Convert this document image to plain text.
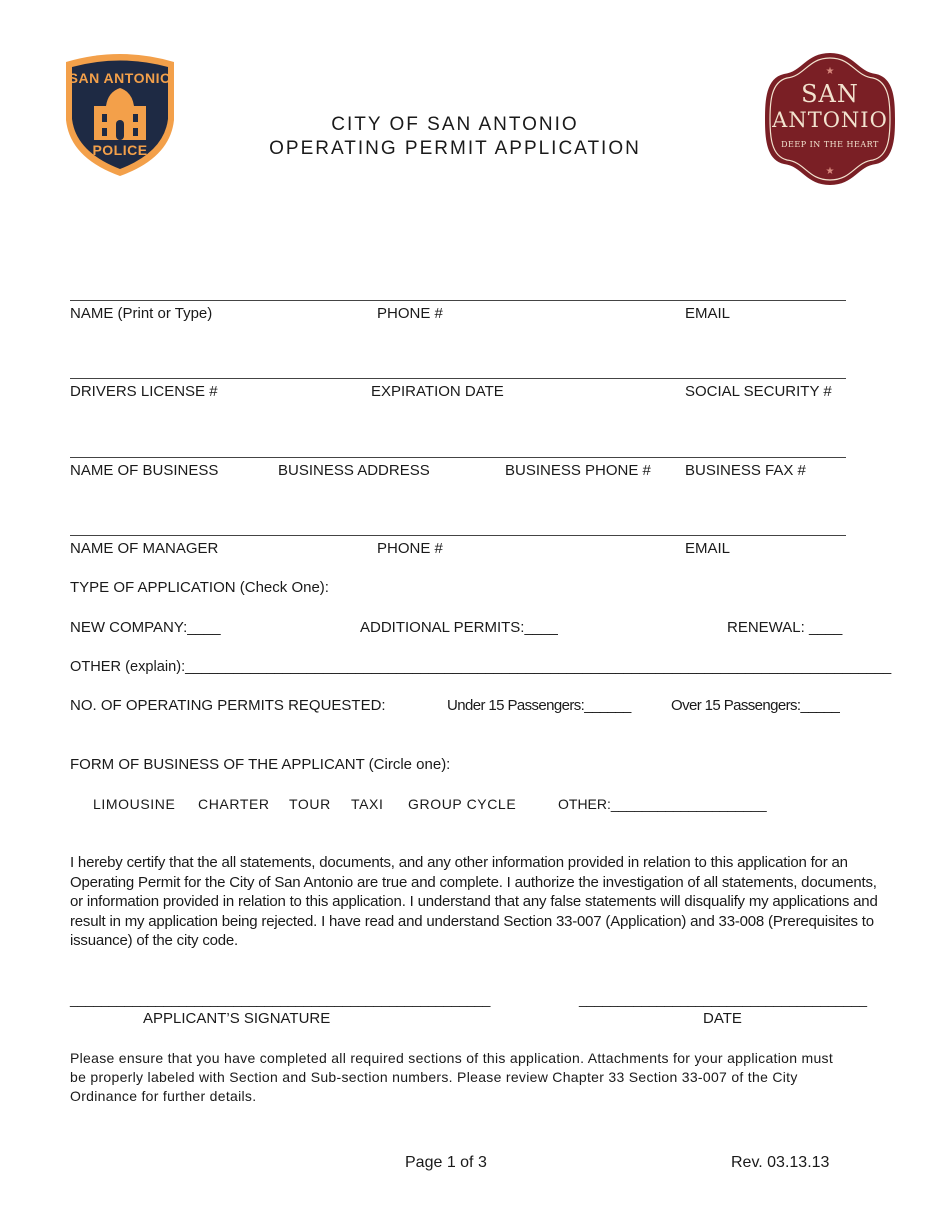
SAN ANTONIO
POLICE
CITY OF SAN ANTONIO
OPERATING PERMIT APPLICATION
★
★
SAN
ANTONIO
DEEP IN THE HEART
NAME (Print or Type)	PHONE #	EMAIL
DRIVERS LICENSE #	EXPIRATION DATE	SOCIAL SECURITY #
NAME OF BUSINESS	BUSINESS ADDRESS	BUSINESS PHONE # BUSINESS FAX #
NAME OF MANAGER	PHONE #	EMAIL
TYPE OF APPLICATION (Check One):
NEW COMPANY:____	ADDITIONAL PERMITS:____	RENEWAL: ____
OTHER (explain):_______________________________________________________________________________________
NO. OF OPERATING PERMITS REQUESTED:	Under 15 Passengers:______	Over 15 Passengers:_____
FORM OF BUSINESS OF THE APPLICANT (Circle one):
LIMOUSINE CHARTER TOUR TAXI GROUP CYCLE	OTHER:____________________
I hereby certify that the all statements, documents, and any other information provided in relation to this application for an Operating Permit for the City of San Antonio are true and complete. I authorize the investigation of all statements, documents, or information provided in relation to this application. I understand that any false statements will disqualify my applications and result in my application being rejected. I have read and understand Section 33-007 (Application) and 33-008 (Prerequisites to issuance) of the city code.
______________________________________________________	_____________________________________
APPLICANT’S SIGNATURE	DATE
Please ensure that you have completed all required sections of this application. Attachments for your application must be properly labeled with Section and Sub-section numbers. Please review Chapter 33 Section 33-007 of the City Ordinance for further details.
Page 1 of 3	Rev. 03.13.13
